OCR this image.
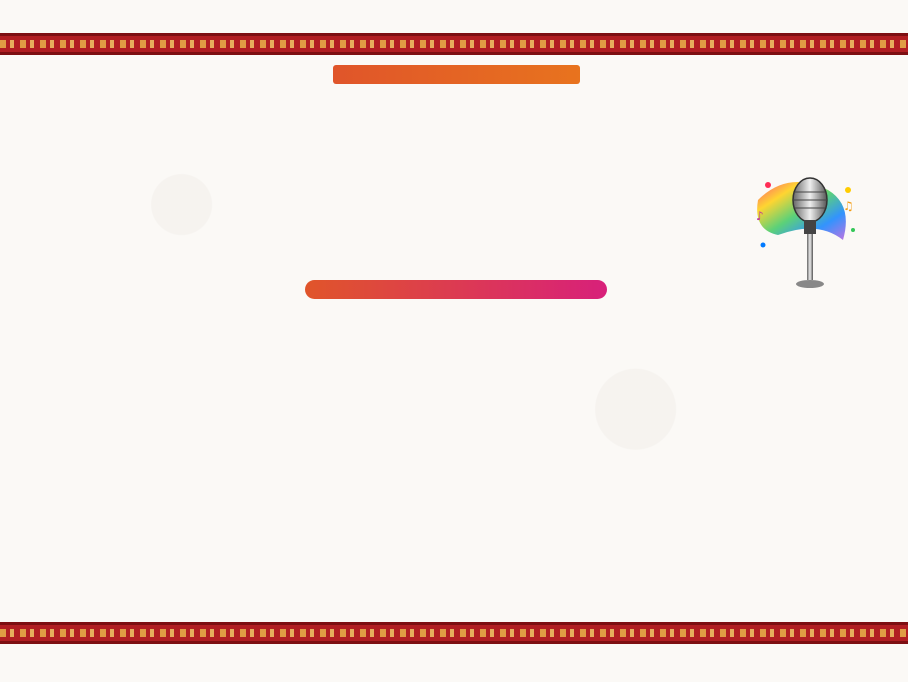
♪
♫
